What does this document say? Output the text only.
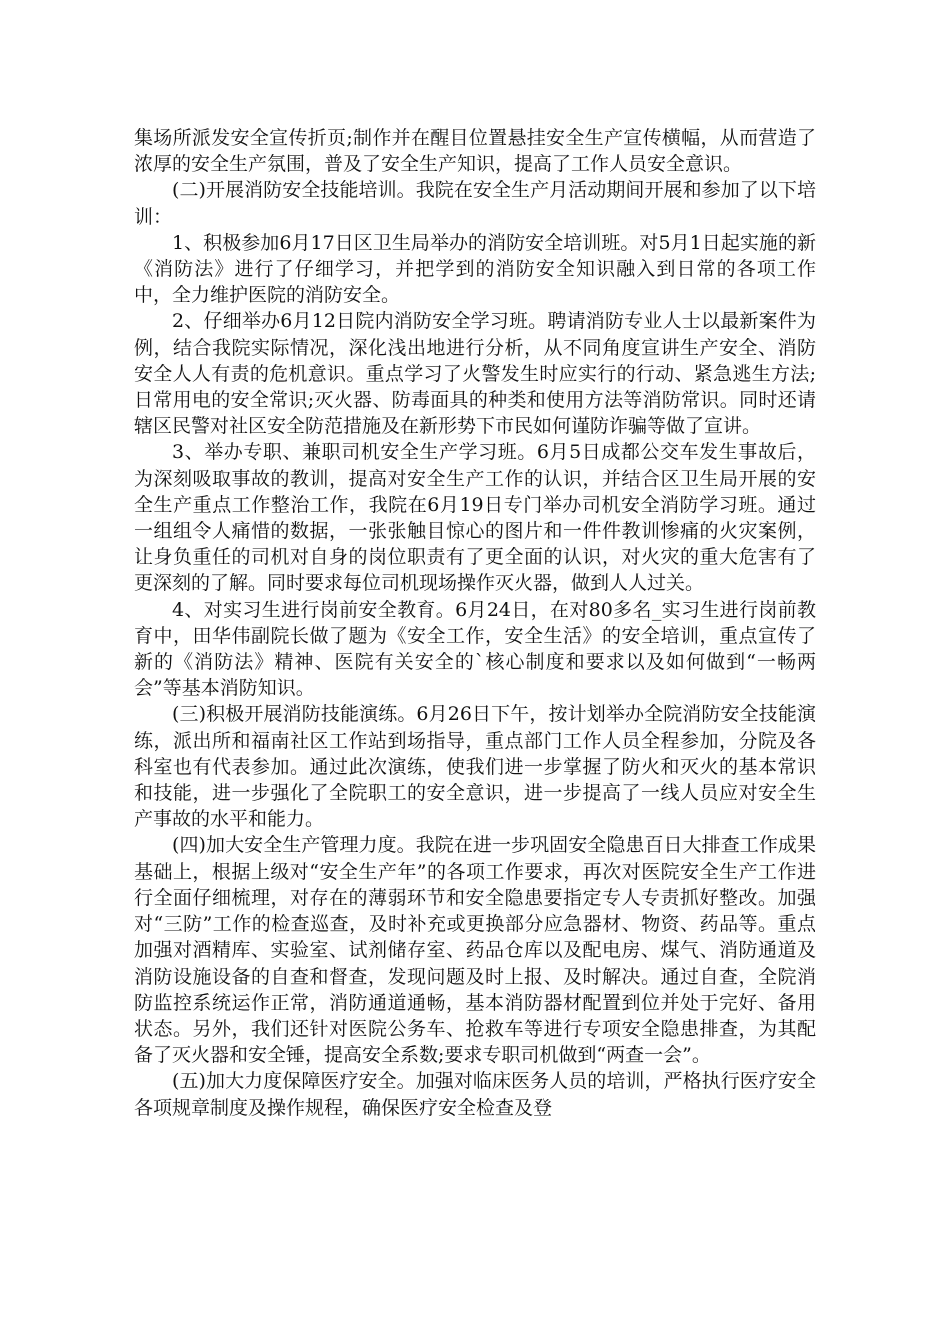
集场所派发安全宣传折页;制作并在醒目位置悬挂安全生产宣传横幅，从而营造了浓厚的安全生产氛围，普及了安全生产知识，提高了工作人员安全意识。

(二)开展消防安全技能培训。我院在安全生产月活动期间开展和参加了以下培训：

1、积极参加6月17日区卫生局举办的消防安全培训班。对5月1日起实施的新《消防法》进行了仔细学习，并把学到的消防安全知识融入到日常的各项工作中，全力维护医院的消防安全。

2、仔细举办6月12日院内消防安全学习班。聘请消防专业人士以最新案件为例，结合我院实际情况，深化浅出地进行分析，从不同角度宣讲生产安全、消防安全人人有责的危机意识。重点学习了火警发生时应实行的行动、紧急逃生方法;日常用电的安全常识;灭火器、防毒面具的种类和使用方法等消防常识。同时还请辖区民警对社区安全防范措施及在新形势下市民如何谨防诈骗等做了宣讲。

3、举办专职、兼职司机安全生产学习班。6月5日成都公交车发生事故后，为深刻吸取事故的教训，提高对安全生产工作的认识，并结合区卫生局开展的安全生产重点工作整治工作，我院在6月19日专门举办司机安全消防学习班。通过一组组令人痛惜的数据，一张张触目惊心的图片和一件件教训惨痛的火灾案例，让身负重任的司机对自身的岗位职责有了更全面的认识，对火灾的重大危害有了更深刻的了解。同时要求每位司机现场操作灭火器，做到人人过关。

4、对实习生进行岗前安全教育。6月24日，在对80多名_实习生进行岗前教育中，田华伟副院长做了题为《安全工作，安全生活》的安全培训，重点宣传了新的《消防法》精神、医院有关安全的`核心制度和要求以及如何做到“一畅两会”等基本消防知识。

(三)积极开展消防技能演练。6月26日下午，按计划举办全院消防安全技能演练，派出所和福南社区工作站到场指导，重点部门工作人员全程参加，分院及各科室也有代表参加。通过此次演练，使我们进一步掌握了防火和灭火的基本常识和技能，进一步强化了全院职工的安全意识，进一步提高了一线人员应对安全生产事故的水平和能力。

(四)加大安全生产管理力度。我院在进一步巩固安全隐患百日大排查工作成果基础上，根据上级对“安全生产年”的各项工作要求，再次对医院安全生产工作进行全面仔细梳理，对存在的薄弱环节和安全隐患要指定专人专责抓好整改。加强对“三防”工作的检查巡查，及时补充或更换部分应急器材、物资、药品等。重点加强对酒精库、实验室、试剂储存室、药品仓库以及配电房、煤气、消防通道及消防设施设备的自查和督查，发现问题及时上报、及时解决。通过自查，全院消防监控系统运作正常，消防通道通畅，基本消防器材配置到位并处于完好、备用状态。另外，我们还针对医院公务车、抢救车等进行专项安全隐患排查，为其配备了灭火器和安全锤，提高安全系数;要求专职司机做到“两查一会”。

(五)加大力度保障医疗安全。加强对临床医务人员的培训，严格执行医疗安全各项规章制度及操作规程，确保医疗安全检查及登
